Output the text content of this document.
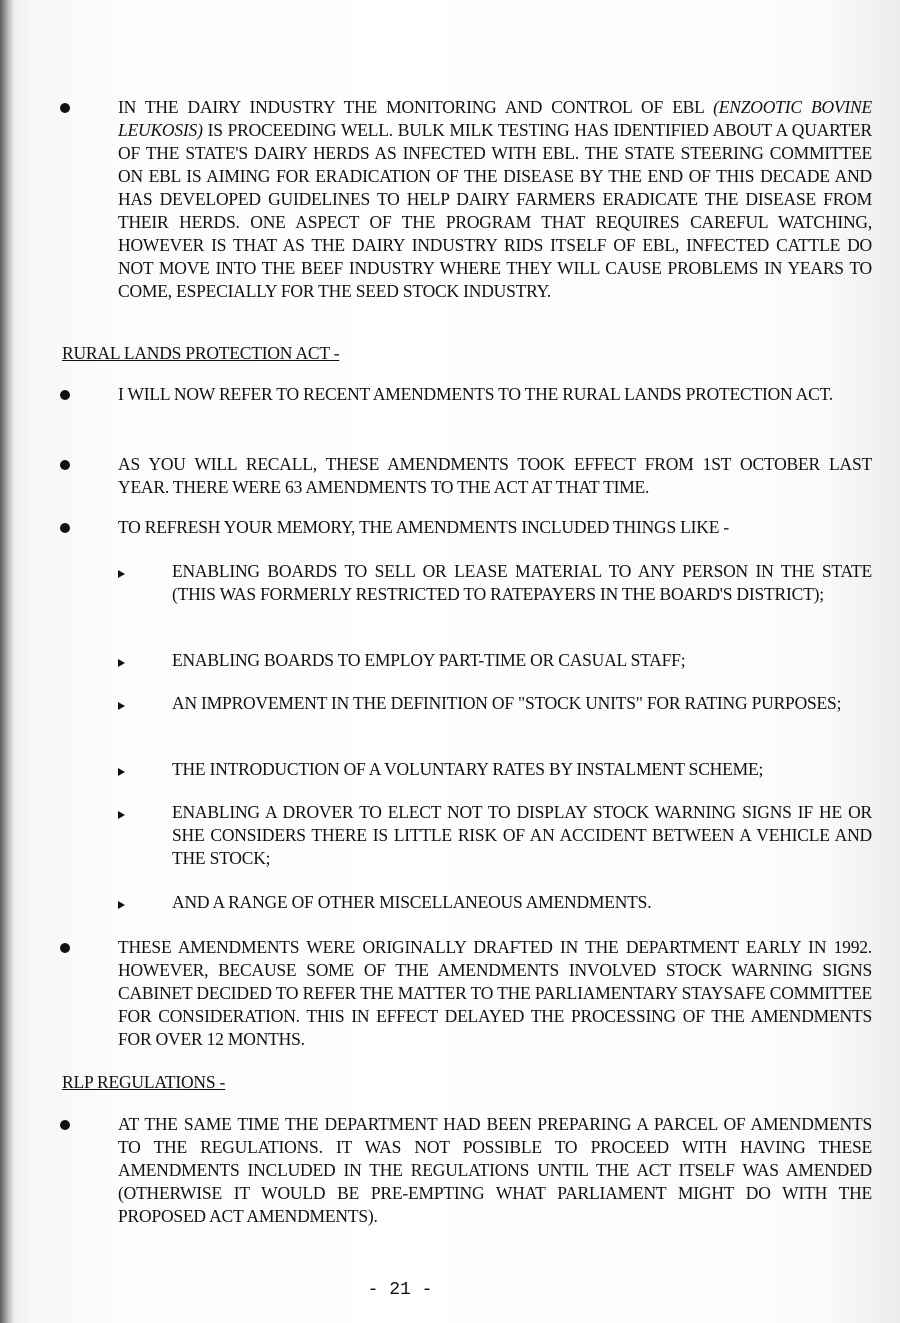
IN THE DAIRY INDUSTRY THE MONITORING AND CONTROL OF EBL (ENZOOTIC BOVINE LEUKOSIS) IS PROCEEDING WELL. BULK MILK TESTING HAS IDENTIFIED ABOUT A QUARTER OF THE STATE'S DAIRY HERDS AS INFECTED WITH EBL. THE STATE STEERING COMMITTEE ON EBL IS AIMING FOR ERADICATION OF THE DISEASE BY THE END OF THIS DECADE AND HAS DEVELOPED GUIDELINES TO HELP DAIRY FARMERS ERADICATE THE DISEASE FROM THEIR HERDS. ONE ASPECT OF THE PROGRAM THAT REQUIRES CAREFUL WATCHING, HOWEVER IS THAT AS THE DAIRY INDUSTRY RIDS ITSELF OF EBL, INFECTED CATTLE DO NOT MOVE INTO THE BEEF INDUSTRY WHERE THEY WILL CAUSE PROBLEMS IN YEARS TO COME, ESPECIALLY FOR THE SEED STOCK INDUSTRY.
RURAL LANDS PROTECTION ACT -
I WILL NOW REFER TO RECENT AMENDMENTS TO THE RURAL LANDS PROTECTION ACT.
AS YOU WILL RECALL, THESE AMENDMENTS TOOK EFFECT FROM 1ST OCTOBER LAST YEAR. THERE WERE 63 AMENDMENTS TO THE ACT AT THAT TIME.
TO REFRESH YOUR MEMORY, THE AMENDMENTS INCLUDED THINGS LIKE -
ENABLING BOARDS TO SELL OR LEASE MATERIAL TO ANY PERSON IN THE STATE (THIS WAS FORMERLY RESTRICTED TO RATEPAYERS IN THE BOARD'S DISTRICT);
ENABLING BOARDS TO EMPLOY PART-TIME OR CASUAL STAFF;
AN IMPROVEMENT IN THE DEFINITION OF "STOCK UNITS" FOR RATING PURPOSES;
THE INTRODUCTION OF A VOLUNTARY RATES BY INSTALMENT SCHEME;
ENABLING A DROVER TO ELECT NOT TO DISPLAY STOCK WARNING SIGNS IF HE OR SHE CONSIDERS THERE IS LITTLE RISK OF AN ACCIDENT BETWEEN A VEHICLE AND THE STOCK;
AND A RANGE OF OTHER MISCELLANEOUS AMENDMENTS.
THESE AMENDMENTS WERE ORIGINALLY DRAFTED IN THE DEPARTMENT EARLY IN 1992. HOWEVER, BECAUSE SOME OF THE AMENDMENTS INVOLVED STOCK WARNING SIGNS CABINET DECIDED TO REFER THE MATTER TO THE PARLIAMENTARY STAYSAFE COMMITTEE FOR CONSIDERATION. THIS IN EFFECT DELAYED THE PROCESSING OF THE AMENDMENTS FOR OVER 12 MONTHS.
RLP REGULATIONS -
AT THE SAME TIME THE DEPARTMENT HAD BEEN PREPARING A PARCEL OF AMENDMENTS TO THE REGULATIONS. IT WAS NOT POSSIBLE TO PROCEED WITH HAVING THESE AMENDMENTS INCLUDED IN THE REGULATIONS UNTIL THE ACT ITSELF WAS AMENDED (OTHERWISE IT WOULD BE PRE-EMPTING WHAT PARLIAMENT MIGHT DO WITH THE PROPOSED ACT AMENDMENTS).
- 21 -
